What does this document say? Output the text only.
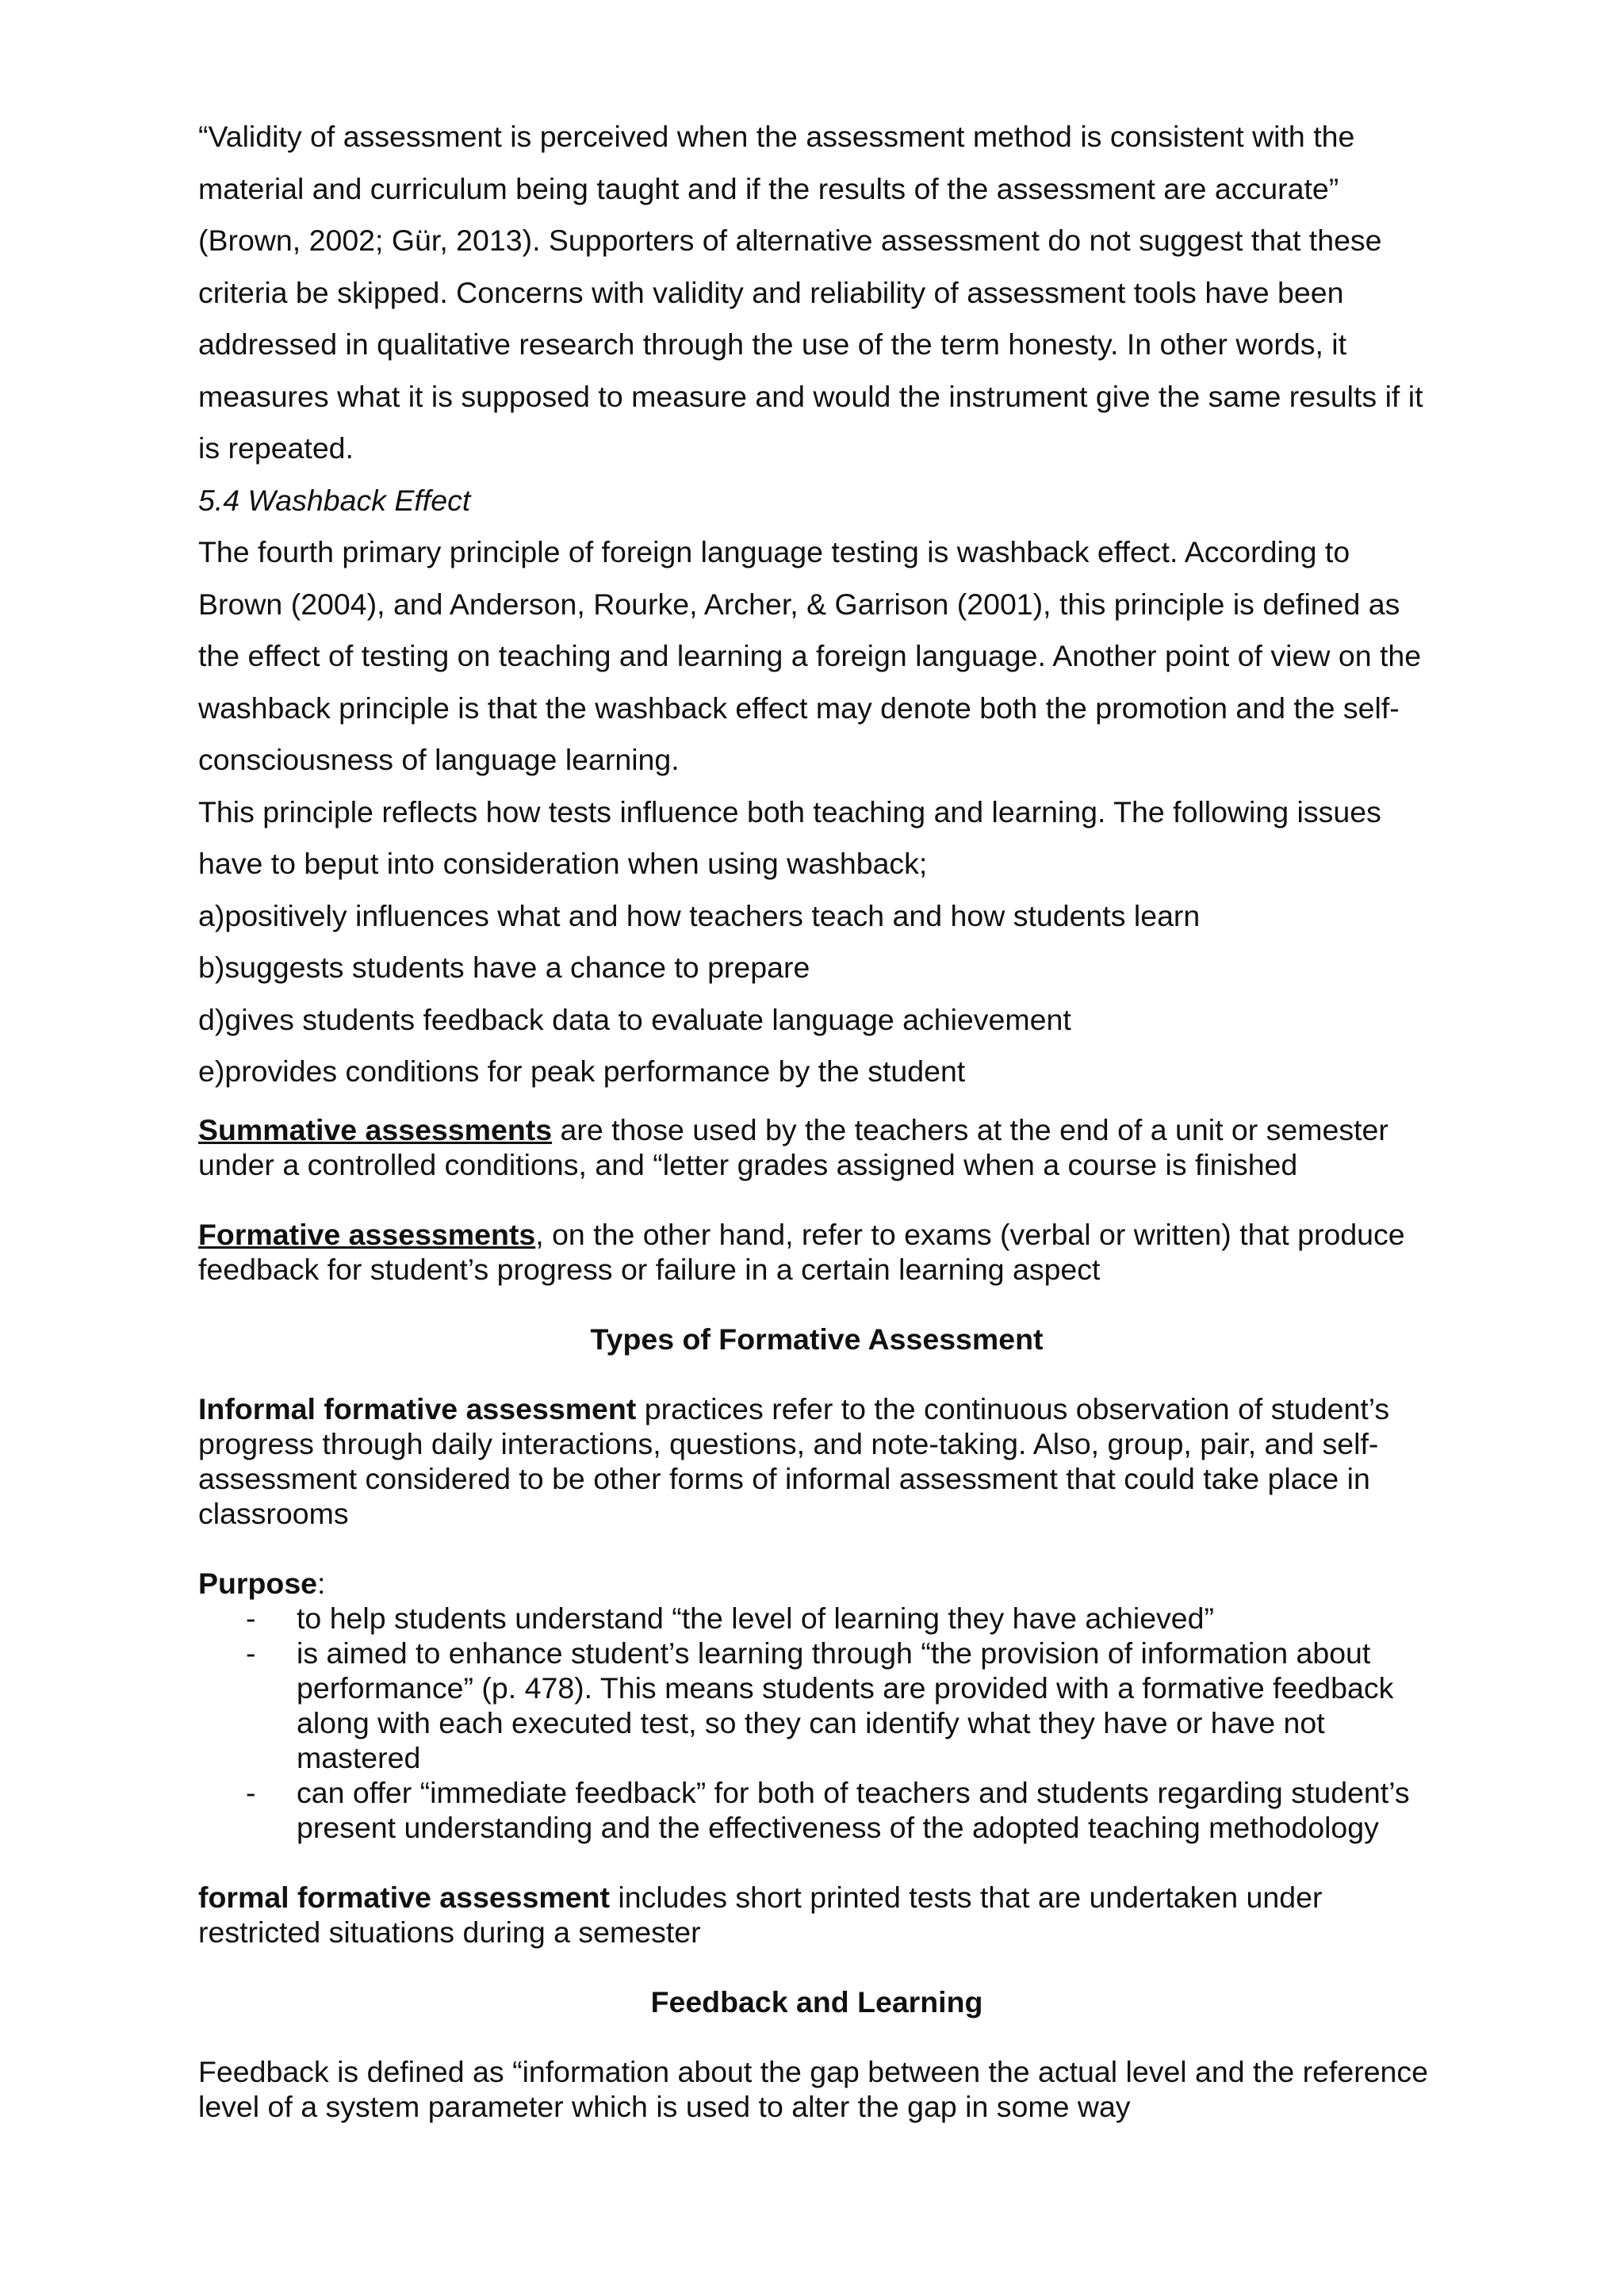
“Validity of assessment is perceived when the assessment method is consistent with the material and curriculum being taught and if the results of the assessment are accurate” (Brown, 2002; Gür, 2013). Supporters of alternative assessment do not suggest that these criteria be skipped. Concerns with validity and reliability of assessment tools have been addressed in qualitative research through the use of the term honesty. In other words, it measures what it is supposed to measure and would the instrument give the same results if it is repeated.

5.4 Washback Effect

The fourth primary principle of foreign language testing is washback effect. According to Brown (2004), and Anderson, Rourke, Archer, & Garrison (2001), this principle is defined as the effect of testing on teaching and learning a foreign language. Another point of view on the washback principle is that the washback effect may denote both the promotion and the self-consciousness of language learning.

This principle reflects how tests influence both teaching and learning. The following issues have to beput into consideration when using washback;

a)positively influences what and how teachers teach and how students learn

b)suggests students have a chance to prepare

d)gives students feedback data to evaluate language achievement

e)provides conditions for peak performance by the student

Summative assessments are those used by the teachers at the end of a unit or semester under a controlled conditions, and “letter grades assigned when a course is finished

Formative assessments, on the other hand, refer to exams (verbal or written) that produce feedback for student’s progress or failure in a certain learning aspect

Types of Formative Assessment

Informal formative assessment practices refer to the continuous observation of student’s progress through daily interactions, questions, and note-taking. Also, group, pair, and self-assessment considered to be other forms of informal assessment that could take place in classrooms

Purpose:

- to help students understand “the level of learning they have achieved”
- is aimed to enhance student’s learning through “the provision of information about performance” (p. 478). This means students are provided with a formative feedback along with each executed test, so they can identify what they have or have not mastered
- can offer “immediate feedback” for both of teachers and students regarding student’s present understanding and the effectiveness of the adopted teaching methodology

formal formative assessment includes short printed tests that are undertaken under restricted situations during a semester

Feedback and Learning

Feedback is defined as “information about the gap between the actual level and the reference level of a system parameter which is used to alter the gap in some way
